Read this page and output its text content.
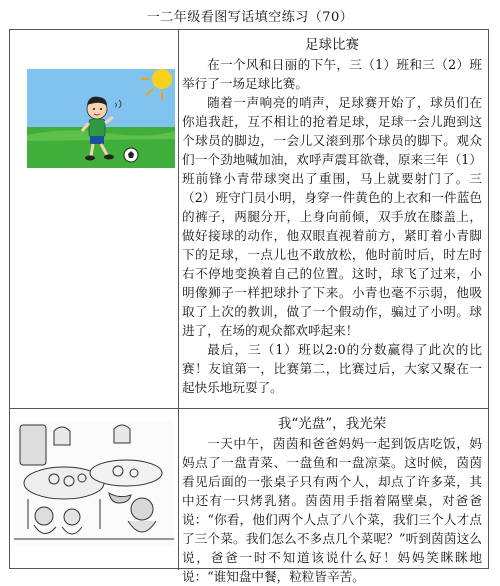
一二年级看图写话填空练习（70）
足球比赛

在一个风和日丽的下午，三（1）班和三（2）班举行了一场足球比赛。

随着一声响亮的哨声，足球赛开始了，球员们在你追我赶，互不相让的抢着足球，足球一会儿跑到这个球员的脚边，一会儿又滚到那个球员的脚下。观众们一个劲地喊加油，欢呼声震耳欲聋，原来三年（1）班前锋小青带球突出了重围，马上就要射门了。三（2）班守门员小明，身穿一件黄色的上衣和一件蓝色的裤子，两腿分开，上身向前倾，双手放在膝盖上，做好接球的动作，他双眼直视着前方，紧盯着小青脚下的足球，一点儿也不敢放松，他时前时后，时左时右不停地变换着自己的位置。这时，球飞了过来，小明像狮子一样把球扑了下来。小青也毫不示弱，他吸取了上次的教训，做了一个假动作，骗过了小明。球进了，在场的观众都欢呼起来！

最后，三（1）班以2:0的分数赢得了此次的比赛！友谊第一，比赛第二，比赛过后，大家又聚在一起快乐地玩耍了。

我“光盘”，我光荣

一天中午，茵茵和爸爸妈妈一起到饭店吃饭，妈妈点了一盘青菜、一盘鱼和一盘凉菜。这时候，茵茵看见后面的一张桌子只有两个人，却点了许多菜，其中还有一只烤乳猪。茵茵用手指着隔壁桌，对爸爸说：“你看，他们两个人点了八个菜，我们三个人才点了三个菜。我们怎么不多点几个菜呢？”听到茵茵这么说，爸爸一时不知道该说什么好！妈妈笑眯眯地说：“谁知盘中餐，粒粒皆辛苦。
